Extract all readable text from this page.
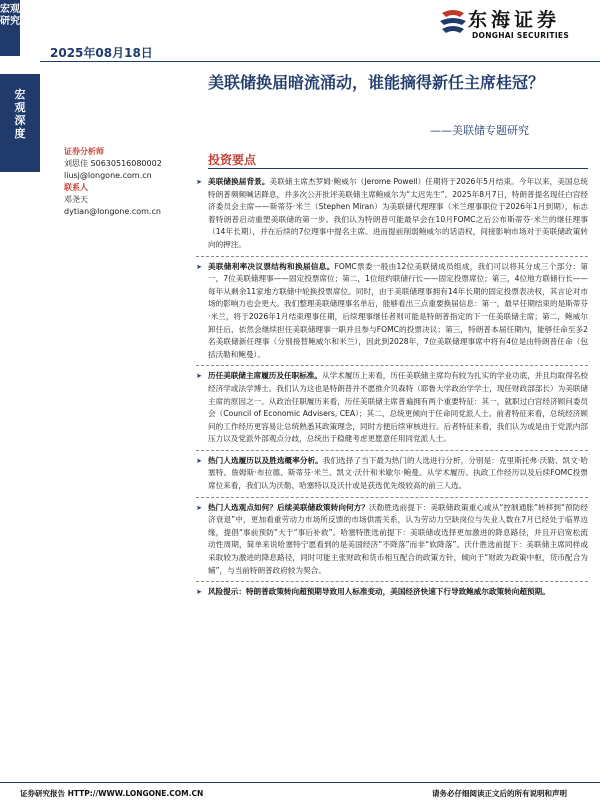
宏观研究
宏观深度
2025年08月18日
东海证券
DONGHAI SECURITIES
美联储换届暗流涌动，谁能摘得新任主席桂冠？
——美联储专题研究
证券分析师
刘思佳 S0630516080002
liusj@longone.com.cn
联系人
邓尧天
dytian@longone.com.cn
投资要点

➤ 美联储换届背景。美联储主席杰罗姆·鲍威尔（Jerome Powell）任期将于2026年5月结束。今年以来，美国总统特朗普频频喊话降息，并多次公开批评美联储主席鲍威尔为“太迟先生”。2025年8月7日，特朗普提名现任白宫经济委员会主席——斯蒂芬·米兰（Stephen Miran）为美联储代理理事（米兰理事职位于2026年1月到期），标志着特朗普启动重塑美联储的第一步。我们认为特朗普可能最早会在10月FOMC之后公布斯蒂芬·米兰的继任理事（14年长期），并在后续的7位理事中提名主席。进而提前削弱鲍威尔的话语权，间接影响市场对于美联储政策转向的押注。

➤ 美联储利率决议票结构和换届信息。FOMC票委一般由12位美联储成员组成，我们可以将其分成三个部分：第一，7位美联储理事——固定投票席位；第二，1位纽约联储行长——固定投票席位；第三，4位地方联储行长——每年从剩余11家地方联储中轮换投票席位。同时，由于美联储理事拥有14年长期的固定投票表决权，其言论对市场的影响力也会更大。我们整理美联储理事名单后，能够看出三点重要换届信息：第一，最早任期结束的是斯蒂芬·米兰，将于2026年1月结束理事任期，后续理事继任者则可能是特朗普指定的下一任美联储主席；第二，鲍威尔卸任后，依然会继续担任美联储理事一职并且参与FOMC的投票决议；第三，特朗普本届任期内，能够任命至多2名美联储新任理事（分别接替鲍威尔和米兰），因此到2028年，7位美联储理事席中将有4位是由特朗普任命（包括沃勒和鲍曼）。

➤ 历任美联储主席履历及任职标准。从学术履历上来看，历任美联储主席均有较为扎实的学业功底，并且均取得名校经济学或法学博士。我们认为这也是特朗普并不愿推介贝森特（耶鲁大学政治学学士，现任财政部部长）为美联储主席的原因之一。从政治任职履历来看，历任美联储主席普遍拥有两个重要特征：其一，就职过白宫经济顾问委员会（Council of Economic Advisers, CEA）；其二，总统更倾向于任命同党派人士。前者特征来看，总统经济顾问的工作经历更容易让总统熟悉其政策理念，同时方便后续审核进行。后者特征来看，我们认为或是由于党派内部压力以及党派外部观点分歧，总统出于稳健考虑更愿意任用同党派人士。

➤ 热门人选履历以及胜选概率分析。我们选择了当下最为热门的人选进行分析，分别是：克里斯托弗·沃勒、凯文·哈塞特、詹姆斯·布拉德、斯蒂芬·米兰、凯文·沃什和米歇尔·鲍曼。从学术履历、执政工作经历以及后续FOMC投票席位来看，我们认为沃勒、哈塞特以及沃什或是获选优先级较高的前三人选。

➤ 热门人选观点如何？后续美联储政策转向何方？沃勒胜选前提下：美联储政策重心或从“控制通胀”转移到“预防经济衰退”中，更加看重劳动力市场所反馈的市场供需关系，认为劳动力空缺岗位与失业人数在7月已经处于临界边缘，提倡“事前预防”大于“事后补救”。哈塞特胜选前提下：美联储或选择更加激进的降息路径，并且开启宽松流动性周期，简单来说哈塞特宁愿看到的是美国经济“不降落”而非“软降落”。沃什胜选前提下：美联储主席同样或采取较为激进的降息路径，同时可能主张财政和货币相互配合的政策方针，倾向于“财政为政策中枢，货币配合为辅”，与当前特朗普政府较为契合。

➤ 风险提示：特朗普政策转向超预期导致用人标准变动，美国经济快速下行导致鲍威尔政策转向超预期。

证券研究报告 HTTP://WWW.LONGONE.COM.CN	请务必仔细阅读正文后的所有说明和声明
